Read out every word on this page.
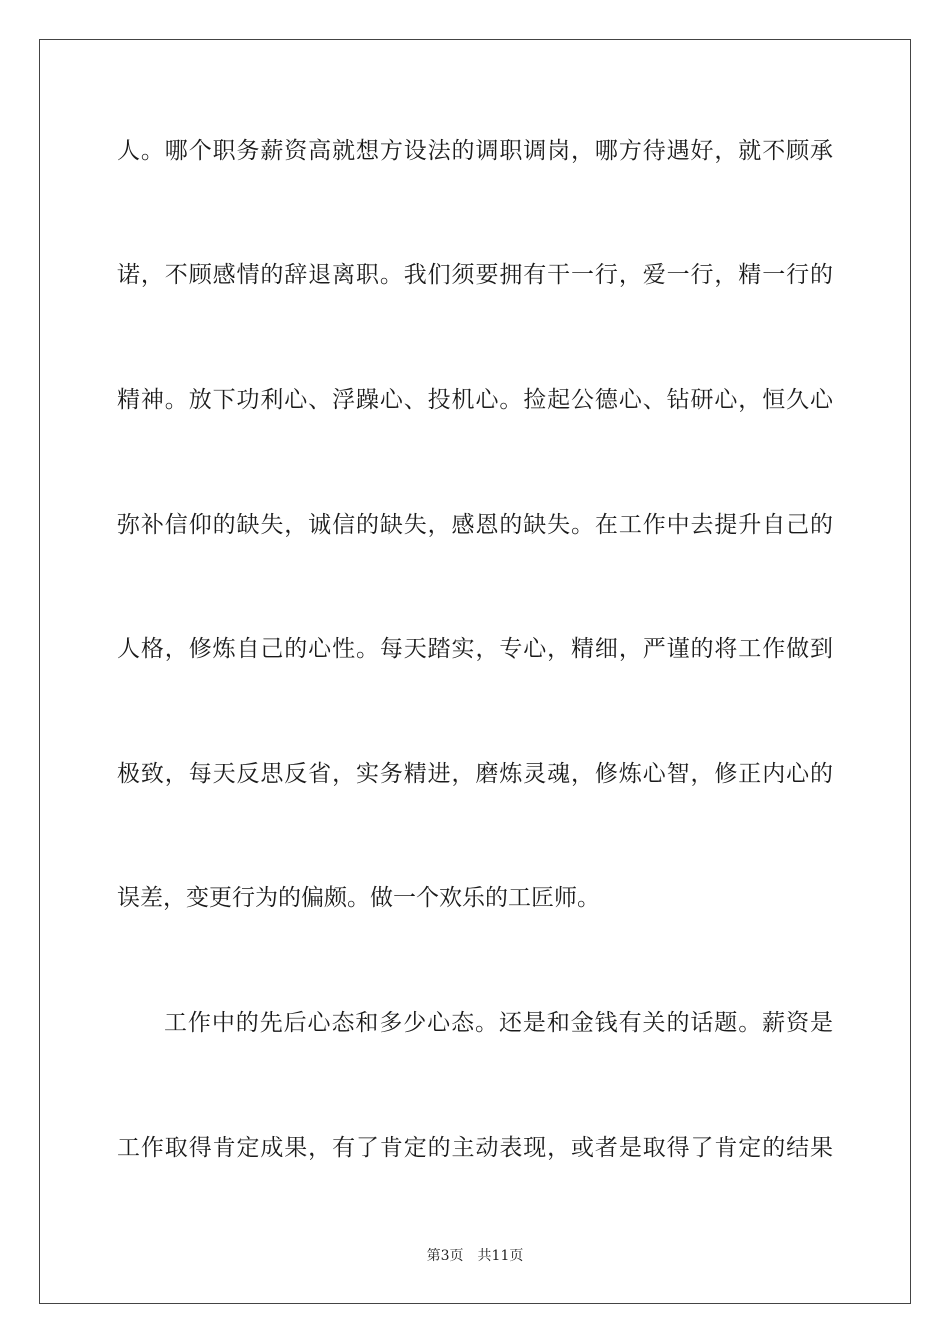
人。哪个职务薪资高就想方设法的调职调岗，哪方待遇好，就不顾承
诺，不顾感情的辞退离职。我们须要拥有干一行，爱一行，精一行的
精神。放下功利心、浮躁心、投机心。捡起公德心、钻研心，恒久心
弥补信仰的缺失，诚信的缺失，感恩的缺失。在工作中去提升自己的
人格，修炼自己的心性。每天踏实，专心，精细，严谨的将工作做到
极致，每天反思反省，实务精进，磨炼灵魂，修炼心智，修正内心的
误差，变更行为的偏颇。做一个欢乐的工匠师。
工作中的先后心态和多少心态。还是和金钱有关的话题。薪资是
工作取得肯定成果，有了肯定的主动表现，或者是取得了肯定的结果
第3页 共11页
